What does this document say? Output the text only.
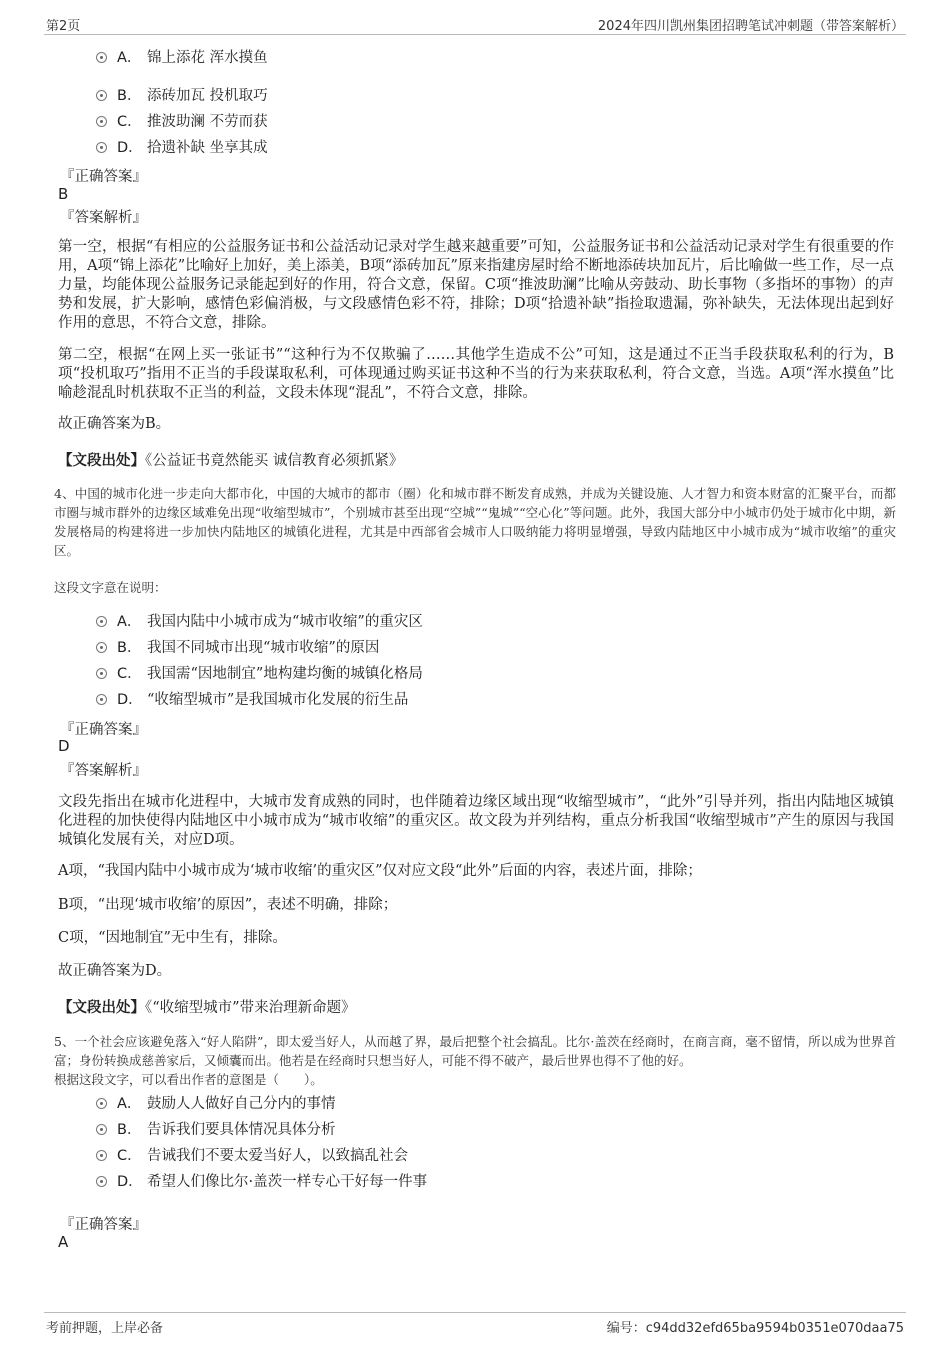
第2页	2024年四川凯州集团招聘笔试冲刺题（带答案解析）
A． 锦上添花 浑水摸鱼
B． 添砖加瓦 投机取巧
C． 推波助澜 不劳而获
D． 拾遗补缺 坐享其成
『正确答案』
B
『答案解析』
第一空，根据“有相应的公益服务证书和公益活动记录对学生越来越重要”可知，公益服务证书和公益活动记录对学生有很重要的作用，A项“锦上添花”比喻好上加好，美上添美，B项“添砖加瓦”原来指建房屋时给不断地添砖块加瓦片，后比喻做一些工作，尽一点力量，均能体现公益服务记录能起到好的作用，符合文意，保留。C项“推波助澜”比喻从旁鼓动、助长事物（多指坏的事物）的声势和发展，扩大影响，感情色彩偏消极，与文段感情色彩不符，排除；D项“拾遗补缺”指捡取遗漏，弥补缺失，无法体现出起到好作用的意思，不符合文意，排除。
第二空，根据“在网上买一张证书”“这种行为不仅欺骗了……其他学生造成不公”可知，这是通过不正当手段获取私利的行为，B项“投机取巧”指用不正当的手段谋取私利，可体现通过购买证书这种不当的行为来获取私利，符合文意，当选。A项“浑水摸鱼”比喻趁混乱时机获取不正当的利益，文段未体现“混乱”，不符合文意，排除。
故正确答案为B。
【文段出处】《公益证书竟然能买 诚信教育必须抓紧》
4、中国的城市化进一步走向大都市化，中国的大城市的都市（圈）化和城市群不断发育成熟，并成为关键设施、人才智力和资本财富的汇聚平台，而都市圈与城市群外的边缘区域难免出现“收缩型城市”，个别城市甚至出现“空城”“鬼城”“空心化”等问题。此外，我国大部分中小城市仍处于城市化中期，新发展格局的构建将进一步加快内陆地区的城镇化进程，尤其是中西部省会城市人口吸纳能力将明显增强，导致内陆地区中小城市成为“城市收缩”的重灾区。
这段文字意在说明：
A． 我国内陆中小城市成为“城市收缩”的重灾区
B． 我国不同城市出现“城市收缩”的原因
C． 我国需“因地制宜”地构建均衡的城镇化格局
D． “收缩型城市”是我国城市化发展的衍生品
『正确答案』
D
『答案解析』
文段先指出在城市化进程中，大城市发育成熟的同时，也伴随着边缘区域出现“收缩型城市”，“此外”引导并列，指出内陆地区城镇化进程的加快使得内陆地区中小城市成为“城市收缩”的重灾区。故文段为并列结构，重点分析我国“收缩型城市”产生的原因与我国城镇化发展有关，对应D项。
A项，“我国内陆中小城市成为‘城市收缩’的重灾区”仅对应文段“此外”后面的内容，表述片面，排除；
B项，“出现‘城市收缩’的原因”，表述不明确，排除；
C项，“因地制宜”无中生有，排除。
故正确答案为D。
【文段出处】《“收缩型城市”带来治理新命题》
5、一个社会应该避免落入“好人陷阱”，即太爱当好人，从而越了界，最后把整个社会搞乱。比尔·盖茨在经商时，在商言商，毫不留情，所以成为世界首富；身份转换成慈善家后，又倾囊而出。他若是在经商时只想当好人，可能不得不破产，最后世界也得不了他的好。
根据这段文字，可以看出作者的意图是（　　）。
A． 鼓励人人做好自己分内的事情
B． 告诉我们要具体情况具体分析
C． 告诫我们不要太爱当好人，以致搞乱社会
D． 希望人们像比尔·盖茨一样专心干好每一件事
『正确答案』
A
考前押题，上岸必备	编号：c94dd32efd65ba9594b0351e070daa75
